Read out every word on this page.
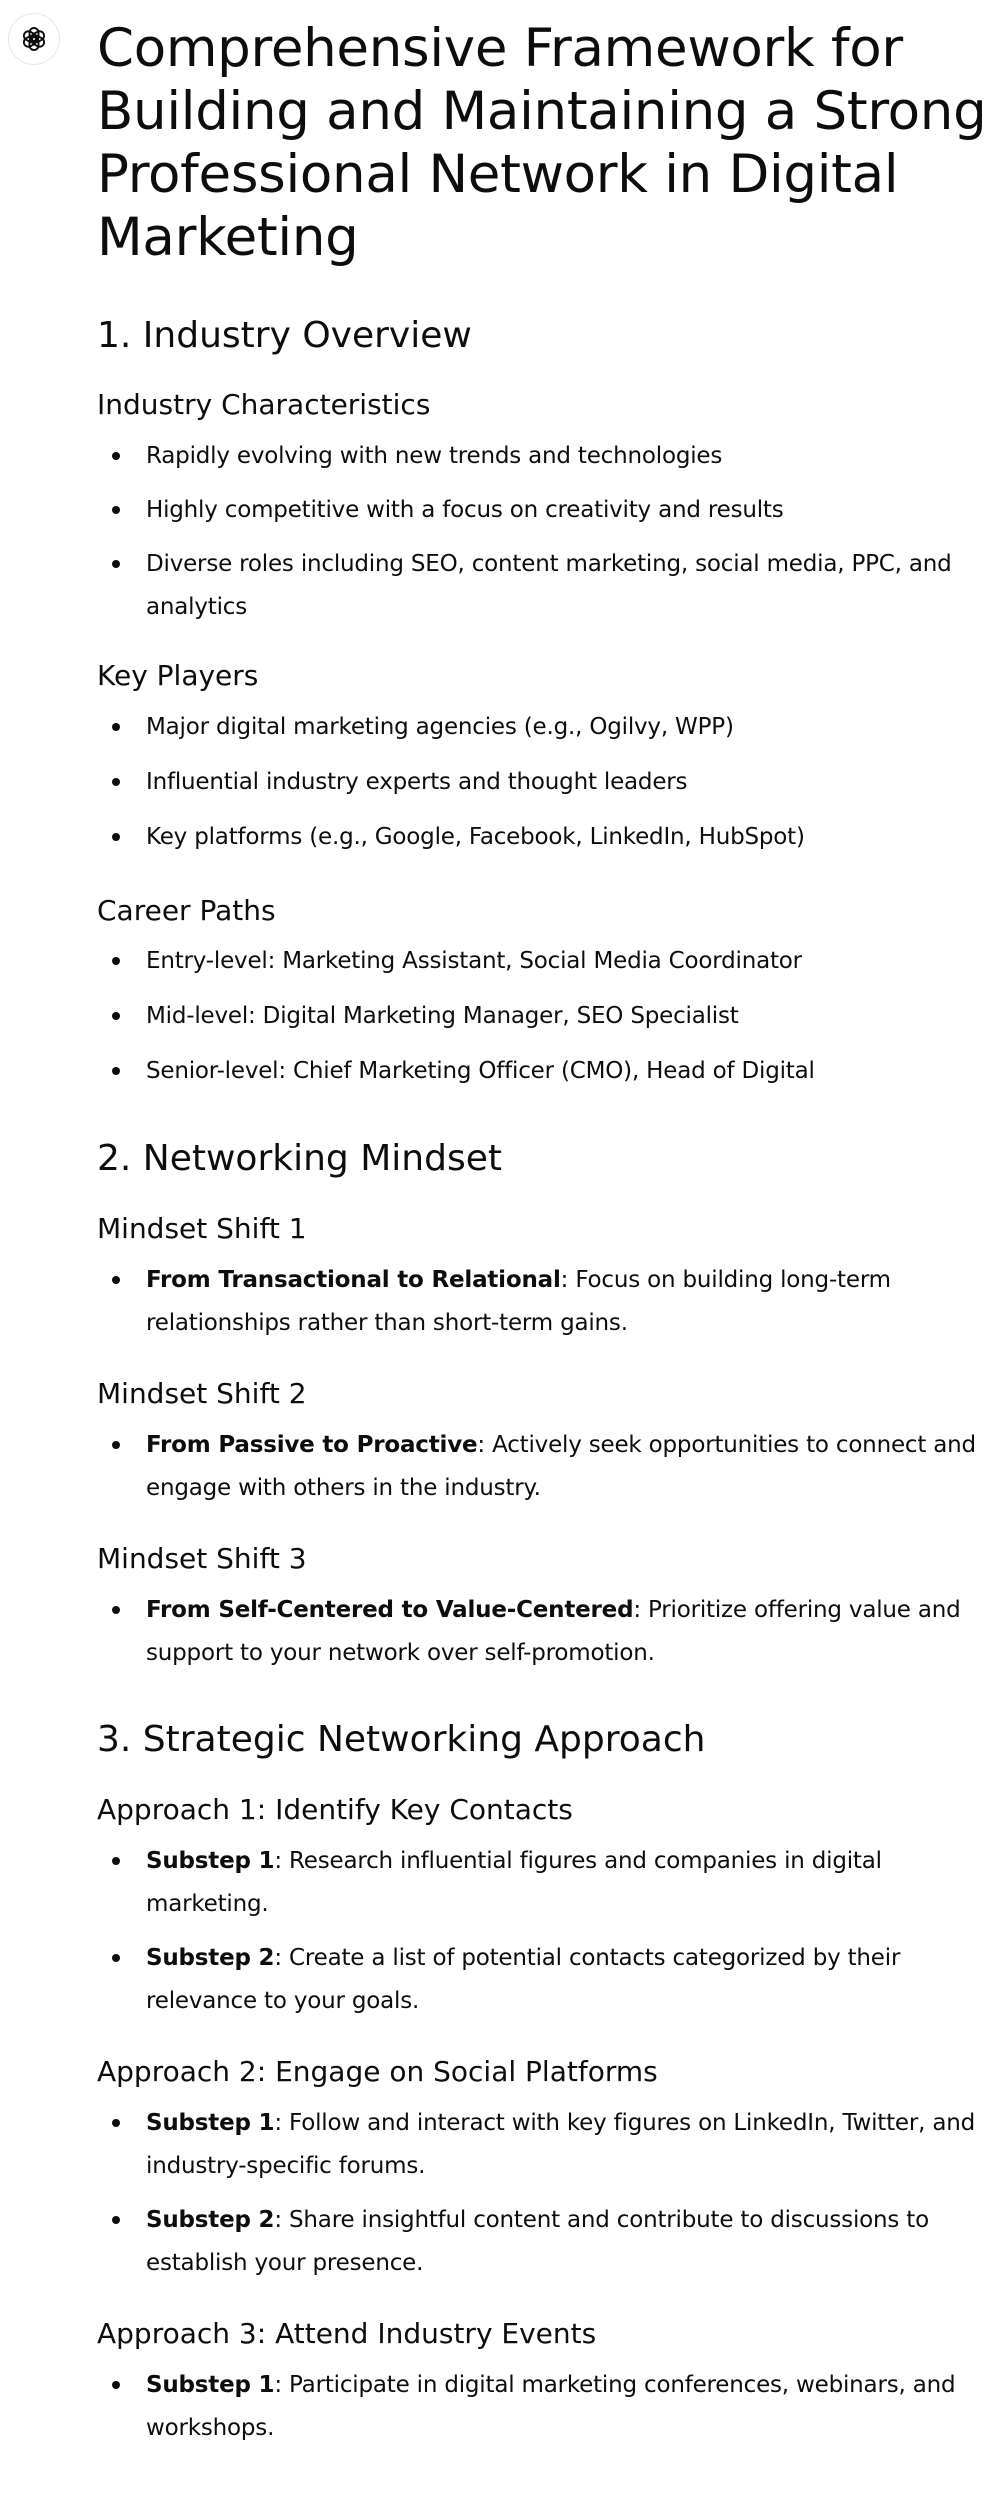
Comprehensive Framework for Building and Maintaining a Strong Professional Network in Digital Marketing
1. Industry Overview
Industry Characteristics
Rapidly evolving with new trends and technologies
Highly competitive with a focus on creativity and results
Diverse roles including SEO, content marketing, social media, PPC, and analytics
Key Players
Major digital marketing agencies (e.g., Ogilvy, WPP)
Influential industry experts and thought leaders
Key platforms (e.g., Google, Facebook, LinkedIn, HubSpot)
Career Paths
Entry-level: Marketing Assistant, Social Media Coordinator
Mid-level: Digital Marketing Manager, SEO Specialist
Senior-level: Chief Marketing Officer (CMO), Head of Digital
2. Networking Mindset
Mindset Shift 1
From Transactional to Relational: Focus on building long-term relationships rather than short-term gains.
Mindset Shift 2
From Passive to Proactive: Actively seek opportunities to connect and engage with others in the industry.
Mindset Shift 3
From Self-Centered to Value-Centered: Prioritize offering value and support to your network over self-promotion.
3. Strategic Networking Approach
Approach 1: Identify Key Contacts
Substep 1: Research influential figures and companies in digital marketing.
Substep 2: Create a list of potential contacts categorized by their relevance to your goals.
Approach 2: Engage on Social Platforms
Substep 1: Follow and interact with key figures on LinkedIn, Twitter, and industry-specific forums.
Substep 2: Share insightful content and contribute to discussions to establish your presence.
Approach 3: Attend Industry Events
Substep 1: Participate in digital marketing conferences, webinars, and workshops.
